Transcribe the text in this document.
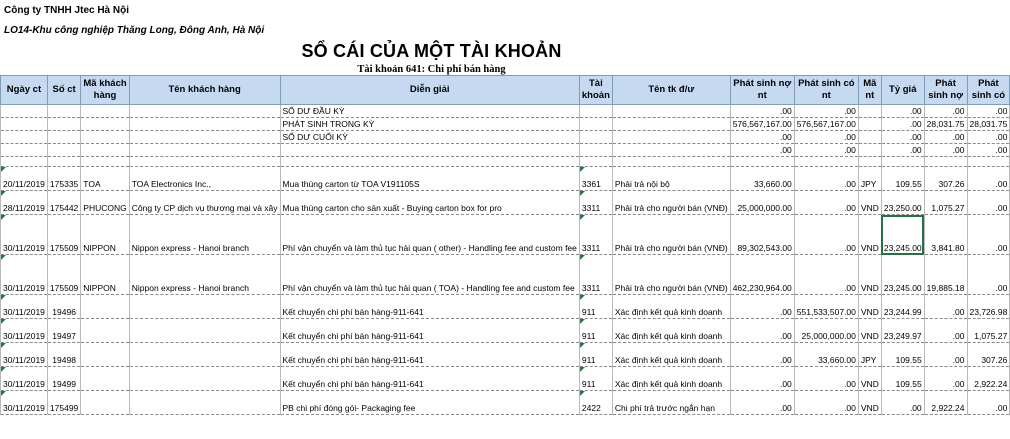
Công ty TNHH Jtec Hà Nội
LO14-Khu công nghiệp Thăng Long, Đông Anh, Hà Nội
SỔ CÁI CỦA MỘT TÀI KHOẢN
Tài khoản 641: Chi phí bán hàng
Ngày ct	Số ct	Mã khách hàng	Tên khách hàng	Diễn giải	Tài khoản	Tên tk đ/ư	Phát sinh nợ nt	Phát sinh có nt	Mã nt	Tỷ giá	Phát sinh nợ	Phát sinh có
				SỐ DƯ ĐẦU KỲ			.00	.00		.00	.00	.00
				PHÁT SINH TRONG KỲ			576,567,167.00	576,567,167.00		.00	28,031.75	28,031.75
				SỐ DƯ CUỐI KỲ			.00	.00		.00	.00	.00
							.00	.00		.00	.00	.00

20/11/2019	175335	TOA	TOA Electronics Inc.,	Mua thùng carton từ TOA V191105S	3361	Phải trả nội bộ	33,660.00	.00	JPY	109.55	307.26	.00
28/11/2019	175442	PHUCONG	Công ty CP dịch vụ thương mại và xây	Mua thùng carton cho sản xuất - Buying carton box for pro	3311	Phải trả cho người bán (VNĐ)	25,000,000.00	.00	VND	23,250.00	1,075.27	.00
30/11/2019	175509	NIPPON	Nippon express - Hanoi branch	Phí vận chuyển và làm thủ tục hải quan ( other) - Handling fee and custom fee	3311	Phải trả cho người bán (VNĐ)	89,302,543.00	.00	VND	23,245.00	3,841.80	.00
30/11/2019	175509	NIPPON	Nippon express - Hanoi branch	Phí vận chuyển và làm thủ tục hải quan ( TOA) - Handling fee and custom fee	3311	Phải trả cho người bán (VNĐ)	462,230,964.00	.00	VND	23,245.00	19,885.18	.00
30/11/2019	19496			Kết chuyển chi phí bán hàng-911-641	911	Xác định kết quả kinh doanh	.00	551,533,507.00	VND	23,244.99	.00	23,726.98
30/11/2019	19497			Kết chuyển chi phí bán hàng-911-641	911	Xác định kết quả kinh doanh	.00	25,000,000.00	VND	23,249.97	.00	1,075.27
30/11/2019	19498			Kết chuyển chi phí bán hàng-911-641	911	Xác định kết quả kinh doanh	.00	33,660.00	JPY	109.55	.00	307.26
30/11/2019	19499			Kết chuyển chi phí bán hàng-911-641	911	Xác định kết quả kinh doanh	.00	.00	VND	109.55	.00	2,922.24
30/11/2019	175499			PB chi phí đóng gói- Packaging fee	2422	Chi phí trả trước ngắn hạn	.00	.00	VND	.00	2,922.24	.00
